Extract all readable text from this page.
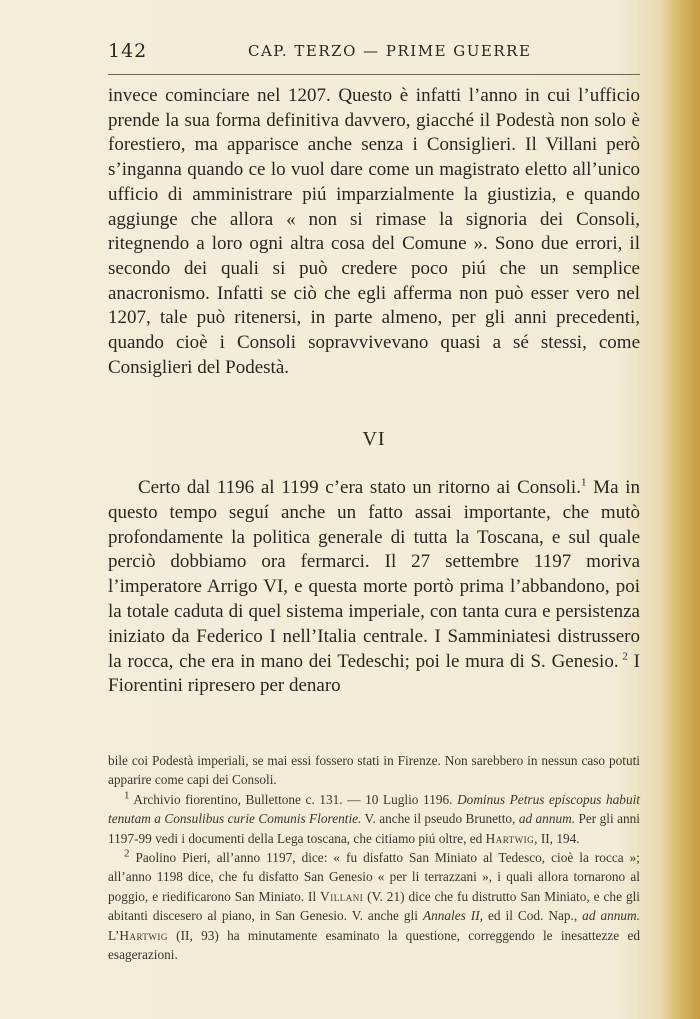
142	CAP. TERZO — PRIME GUERRE

invece cominciare nel 1207. Questo è infatti l’anno in cui l’ufficio prende la sua forma definitiva davvero, giacché il Podestà non solo è forestiero, ma apparisce anche senza i Consiglieri. Il Villani però s’inganna quando ce lo vuol dare come un magistrato eletto all’unico ufficio di amministrare piú imparzialmente la giustizia, e quando aggiunge che allora « non si rimase la signoria dei Consoli, ritegnendo a loro ogni altra cosa del Comune ». Sono due errori, il secondo dei quali si può credere poco piú che un semplice anacronismo. Infatti se ciò che egli afferma non può esser vero nel 1207, tale può ritenersi, in parte almeno, per gli anni precedenti, quando cioè i Consoli sopravvivevano quasi a sé stessi, come Consiglieri del Podestà.

VI

Certo dal 1196 al 1199 c’era stato un ritorno ai Consoli.$^1$ Ma in questo tempo seguí anche un fatto assai importante, che mutò profondamente la politica generale di tutta la Toscana, e sul quale perciò dobbiamo ora fermarci. Il 27 settembre 1197 moriva l’imperatore Arrigo VI, e questa morte portò prima l’abbandono, poi la totale caduta di quel sistema imperiale, con tanta cura e persistenza iniziato da Federico I nell’Italia centrale. I Samminiatesi distrussero la rocca, che era in mano dei Tedeschi; poi le mura di S. Genesio.  $^2$ I Fiorentini ripresero per denaro

bile coi Podestà imperiali, se mai essi fossero stati in Firenze. Non sarebbero in nessun caso potuti apparire come capi dei Consoli.

$^1$ Archivio fiorentino, Bullettone c. 131. — 10 Luglio 1196. Dominus Petrus episcopus habuit tenutam a Consulibus curie Comunis Florentie. V. anche il pseudo Brunetto, ad annum. Per gli anni 1197-99 vedi i documenti della Lega toscana, che citiamo piú oltre, ed Hartwig, II, 194.

$^2$ Paolino Pieri, all’anno 1197, dice: « fu disfatto San Miniato al Tedesco, cioè la rocca »; all’anno 1198 dice, che fu disfatto San Genesio « per li terrazzani », i quali allora tornarono al poggio, e riedificarono San Miniato. Il Villani (V. 21) dice che fu distrutto San Miniato, e che gli abitanti discesero al piano, in San Genesio. V. anche gli Annales II, ed il Cod. Nap., ad annum. L’Hartwig (II, 93) ha minutamente esaminato la questione, correggendo le inesattezze ed esagerazioni.
